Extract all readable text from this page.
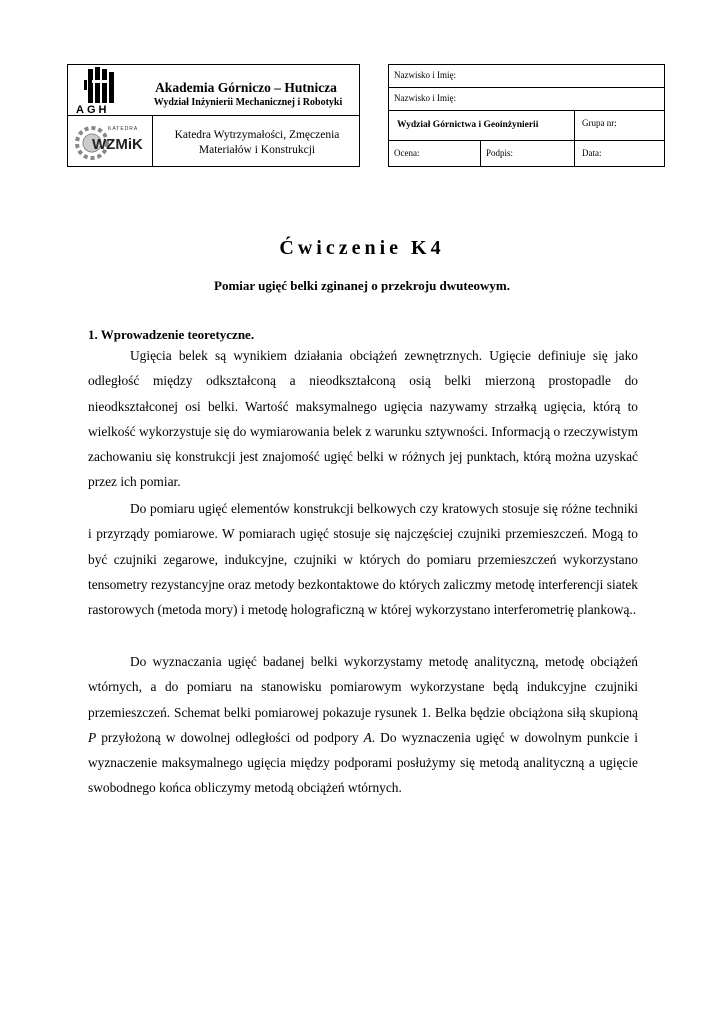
AGH
Akademia Górniczo – Hutnicza
Wydział Inżynierii Mechanicznej i Robotyki
KATEDRA
WZMiK
Katedra Wytrzymałości, Zmęczenia
Materiałów i Konstrukcji
Nazwisko i Imię:
Nazwisko i Imię:
Wydział Górnictwa i Geoinżynierii	Grupa nr:
Ocena:	Podpis:	Data:
Ćwiczenie K4
Pomiar ugięć belki zginanej o przekroju dwuteowym.
1. Wprowadzenie teoretyczne.

Ugięcia belek są wynikiem działania obciążeń zewnętrznych. Ugięcie definiuje się jako odległość między odkształconą a nieodkształconą osią belki mierzoną prostopadle do nieodkształconej osi belki. Wartość maksymalnego ugięcia nazywamy strzałką ugięcia, którą to wielkość wykorzystuje się do wymiarowania belek z warunku sztywności. Informacją o rzeczywistym zachowaniu się konstrukcji jest znajomość ugięć belki w różnych jej punktach, którą można uzyskać przez ich pomiar.

Do pomiaru ugięć elementów konstrukcji belkowych czy kratowych stosuje się różne techniki i przyrządy pomiarowe. W pomiarach ugięć stosuje się najczęściej czujniki przemieszczeń. Mogą to być czujniki zegarowe, indukcyjne, czujniki w których do pomiaru przemieszczeń wykorzystano tensometry rezystancyjne oraz metody bezkontaktowe do których zaliczmy metodę interferencji siatek rastorowych (metoda mory) i metodę holograficzną w której wykorzystano interferometrię plankową..

Do wyznaczania ugięć badanej belki wykorzystamy metodę analityczną, metodę obciążeń wtórnych, a do pomiaru na stanowisku pomiarowym wykorzystane będą indukcyjne czujniki przemieszczeń. Schemat belki pomiarowej pokazuje rysunek 1. Belka będzie obciążona siłą skupioną P przyłożoną w dowolnej odległości od podpory A. Do wyznaczenia ugięć w dowolnym punkcie i wyznaczenie maksymalnego ugięcia między podporami posłużymy się metodą analityczną a ugięcie swobodnego końca obliczymy metodą obciążeń wtórnych.
